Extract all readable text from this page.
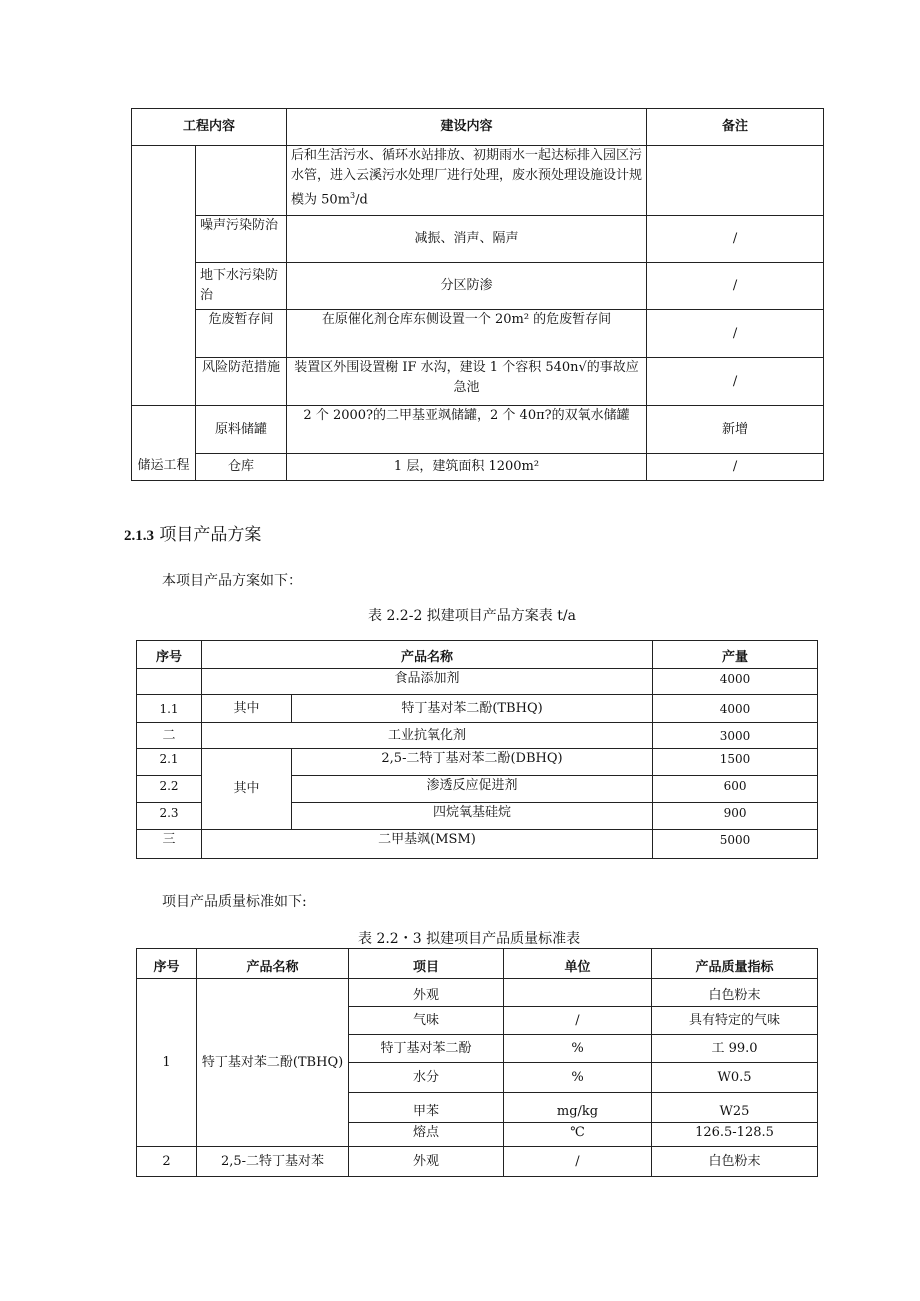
工程内容		建设内容	备注
		后和生活污水、循环水站排放、初期雨水一起达标排入园区污水管，进入云溪污水处理厂进行处理，废水预处理设施设计规模为 $50m^3/d$	
	噪声污染防治	减振、消声、隔声	/
	地下水污染防治	分区防渗	/
	危废暂存间	在原催化剂仓库东侧设置一个 20m² 的危废暂存间	/
	风险防范措施	装置区外围设置榭 IF 水沟，建设 1 个容积 540n√的事故应急池	/
储运工程	原料储罐	2 个 2000?的二甲基亚飒储罐，2 个 40π?的双氧水储罐	新增
	仓库	1 层，建筑面积 1200m²	/
2.1.3 项目产品方案
本项目产品方案如下：
表 2.2-2 拟建项目产品方案表 t/a
序号	产品名称		产量
	食品添加剂		4000
1.1	其中	特丁基对苯二酚(TBHQ)	4000
二	工业抗氧化剂		3000
2.1	其中	2,5-二特丁基对苯二酚(DBHQ)	1500
2.2		渗透反应促进剂	600
2.3		四烷氧基硅烷	900
三	二甲基飒(MSM)		5000
项目产品质量标准如下:
表 2.2・3 拟建项目产品质量标准表
序号	产品名称	项目	单位	产品质量指标
1	特丁基对苯二酚(TBHQ)	外观		白色粉末
		气味	/	具有特定的气味
		特丁基对苯二酚	%	工 99.0
		水分	%	W0.5
		甲苯	mg/kg	W25
		熔点	℃	126.5-128.5
2	2,5-二特丁基对苯	外观	/	白色粉末
